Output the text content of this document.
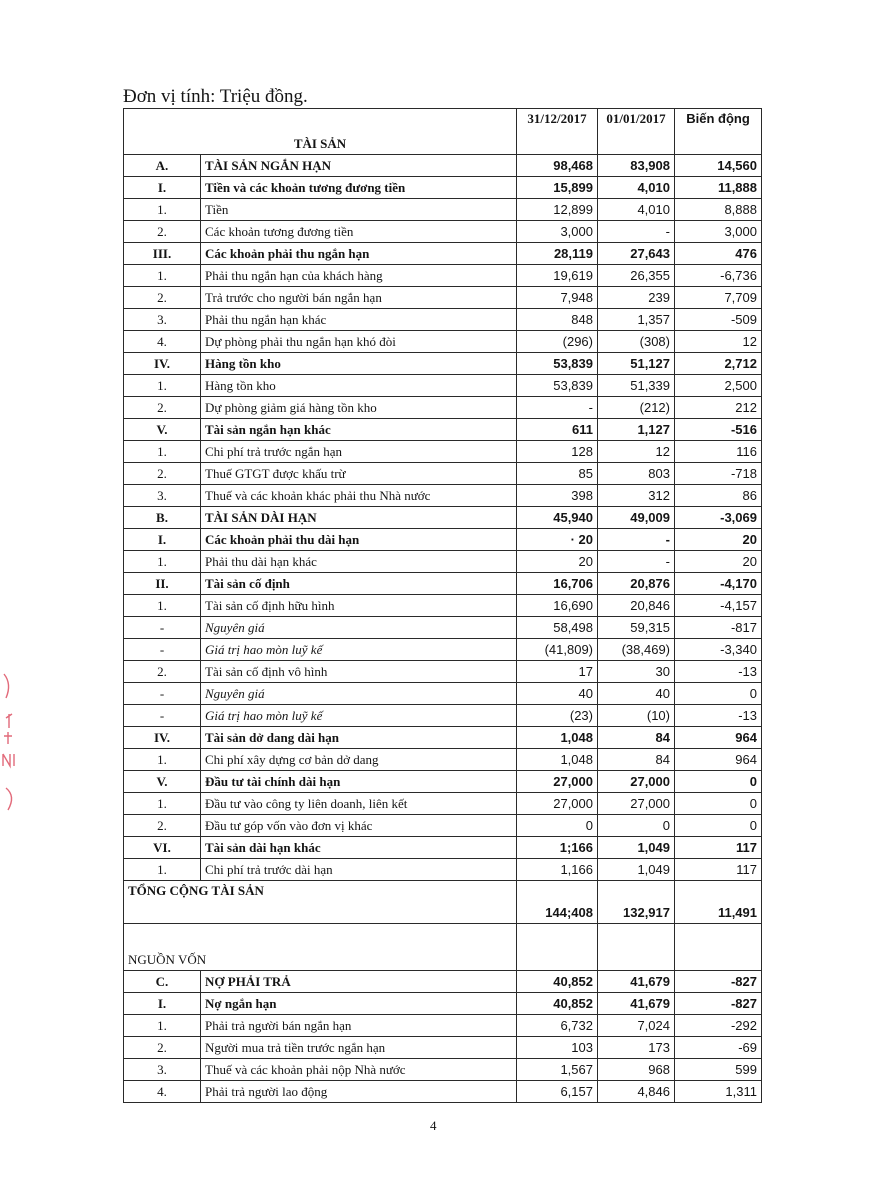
Đơn vị tính: Triệu đồng.
TÀI SẢN		31/12/2017	01/01/2017	Biến động
A.	TÀI SẢN NGẮN HẠN	98,468	83,908	14,560
I.	Tiền và các khoản tương đương tiền	15,899	4,010	11,888
1.	Tiền	12,899	4,010	8,888
2.	Các khoản tương đương tiền	3,000	-	3,000
III.	Các khoản phải thu ngắn hạn	28,119	27,643	476
1.	Phải thu ngắn hạn của khách hàng	19,619	26,355	-6,736
2.	Trả trước cho người bán ngắn hạn	7,948	239	7,709
3.	Phải thu ngắn hạn khác	848	1,357	-509
4.	Dự phòng phải thu ngắn hạn khó đòi	(296)	(308)	12
IV.	Hàng tồn kho	53,839	51,127	2,712
1.	Hàng tồn kho	53,839	51,339	2,500
2.	Dự phòng giảm giá hàng tồn kho	-	(212)	212
V.	Tài sản ngắn hạn khác	611	1,127	-516
1.	Chi phí trả trước ngắn hạn	128	12	116
2.	Thuế GTGT được khấu trừ	85	803	-718
3.	Thuế và các khoản khác phải thu Nhà nước	398	312	86
B.	TÀI SẢN DÀI HẠN	45,940	49,009	-3,069
I.	Các khoản phải thu dài hạn	· 20	-	20
1.	Phải thu dài hạn khác	20	-	20
II.	Tài sản cố định	16,706	20,876	-4,170
1.	Tài sản cố định hữu hình	16,690	20,846	-4,157
-	Nguyên giá	58,498	59,315	-817
-	Giá trị hao mòn luỹ kế	(41,809)	(38,469)	-3,340
2.	Tài sản cố định vô hình	17	30	-13
-	Nguyên giá	40	40	0
-	Giá trị hao mòn luỹ kế	(23)	(10)	-13
IV.	Tài sản dở dang dài hạn	1,048	84	964
1.	Chi phí xây dựng cơ bản dở dang	1,048	84	964
V.	Đầu tư tài chính dài hạn	27,000	27,000	0
1.	Đầu tư vào công ty liên doanh, liên kết	27,000	27,000	0
2.	Đầu tư góp vốn vào đơn vị khác	0	0	0
VI.	Tài sản dài hạn khác	1;166	1,049	117
1.	Chi phí trả trước dài hạn	1,166	1,049	117
TỔNG CỘNG TÀI SẢN		144;408	132,917	11,491
NGUỒN VỐN				
C.	NỢ PHẢI TRẢ	40,852	41,679	-827
I.	Nợ ngắn hạn	40,852	41,679	-827
1.	Phải trả người bán ngắn hạn	6,732	7,024	-292
2.	Người mua trả tiền trước ngắn hạn	103	173	-69
3.	Thuế và các khoản phải nộp Nhà nước	1,567	968	599
4.	Phải trả người lao động	6,157	4,846	1,311
4
